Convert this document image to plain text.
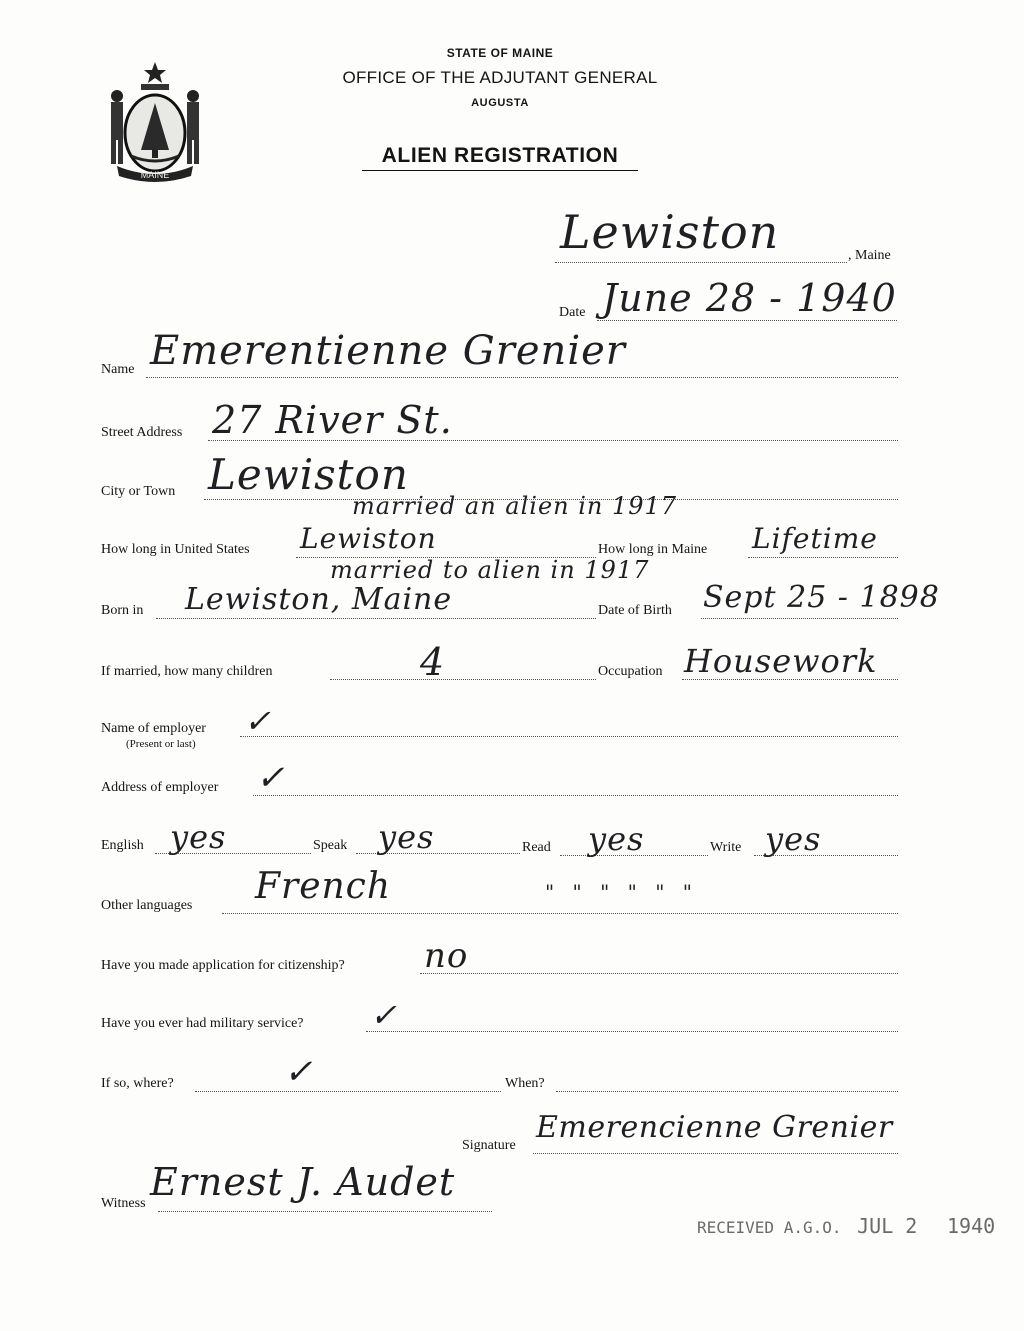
MAINE
STATE OF MAINE
OFFICE OF THE ADJUTANT GENERAL
AUGUSTA
ALIEN REGISTRATION
, Maine
Lewiston
Date June 28 - 1940
Name Emerentienne Grenier
Street Address 27 River St.
City or Town Lewiston
married an alien in 1917
How long in United States Lewiston	How long in Maine Lifetime
married to alien in 1917
Born in Lewiston, Maine	Date of Birth Sept 25 - 1898
If married, how many children	4	Occupation Housework
Name of employer
(Present or last)
✓
Address of employer ✓
English yes	Speak yes	Read yes	Write yes
Other languages French	" " " " " "
Have you made application for citizenship? no
Have you ever had military service? ✓
If so, where?	✓	When?
Signature
Emerencienne Grenier
Witness Ernest J. Audet
RECEIVED A.G.O. JUL 2 1940
